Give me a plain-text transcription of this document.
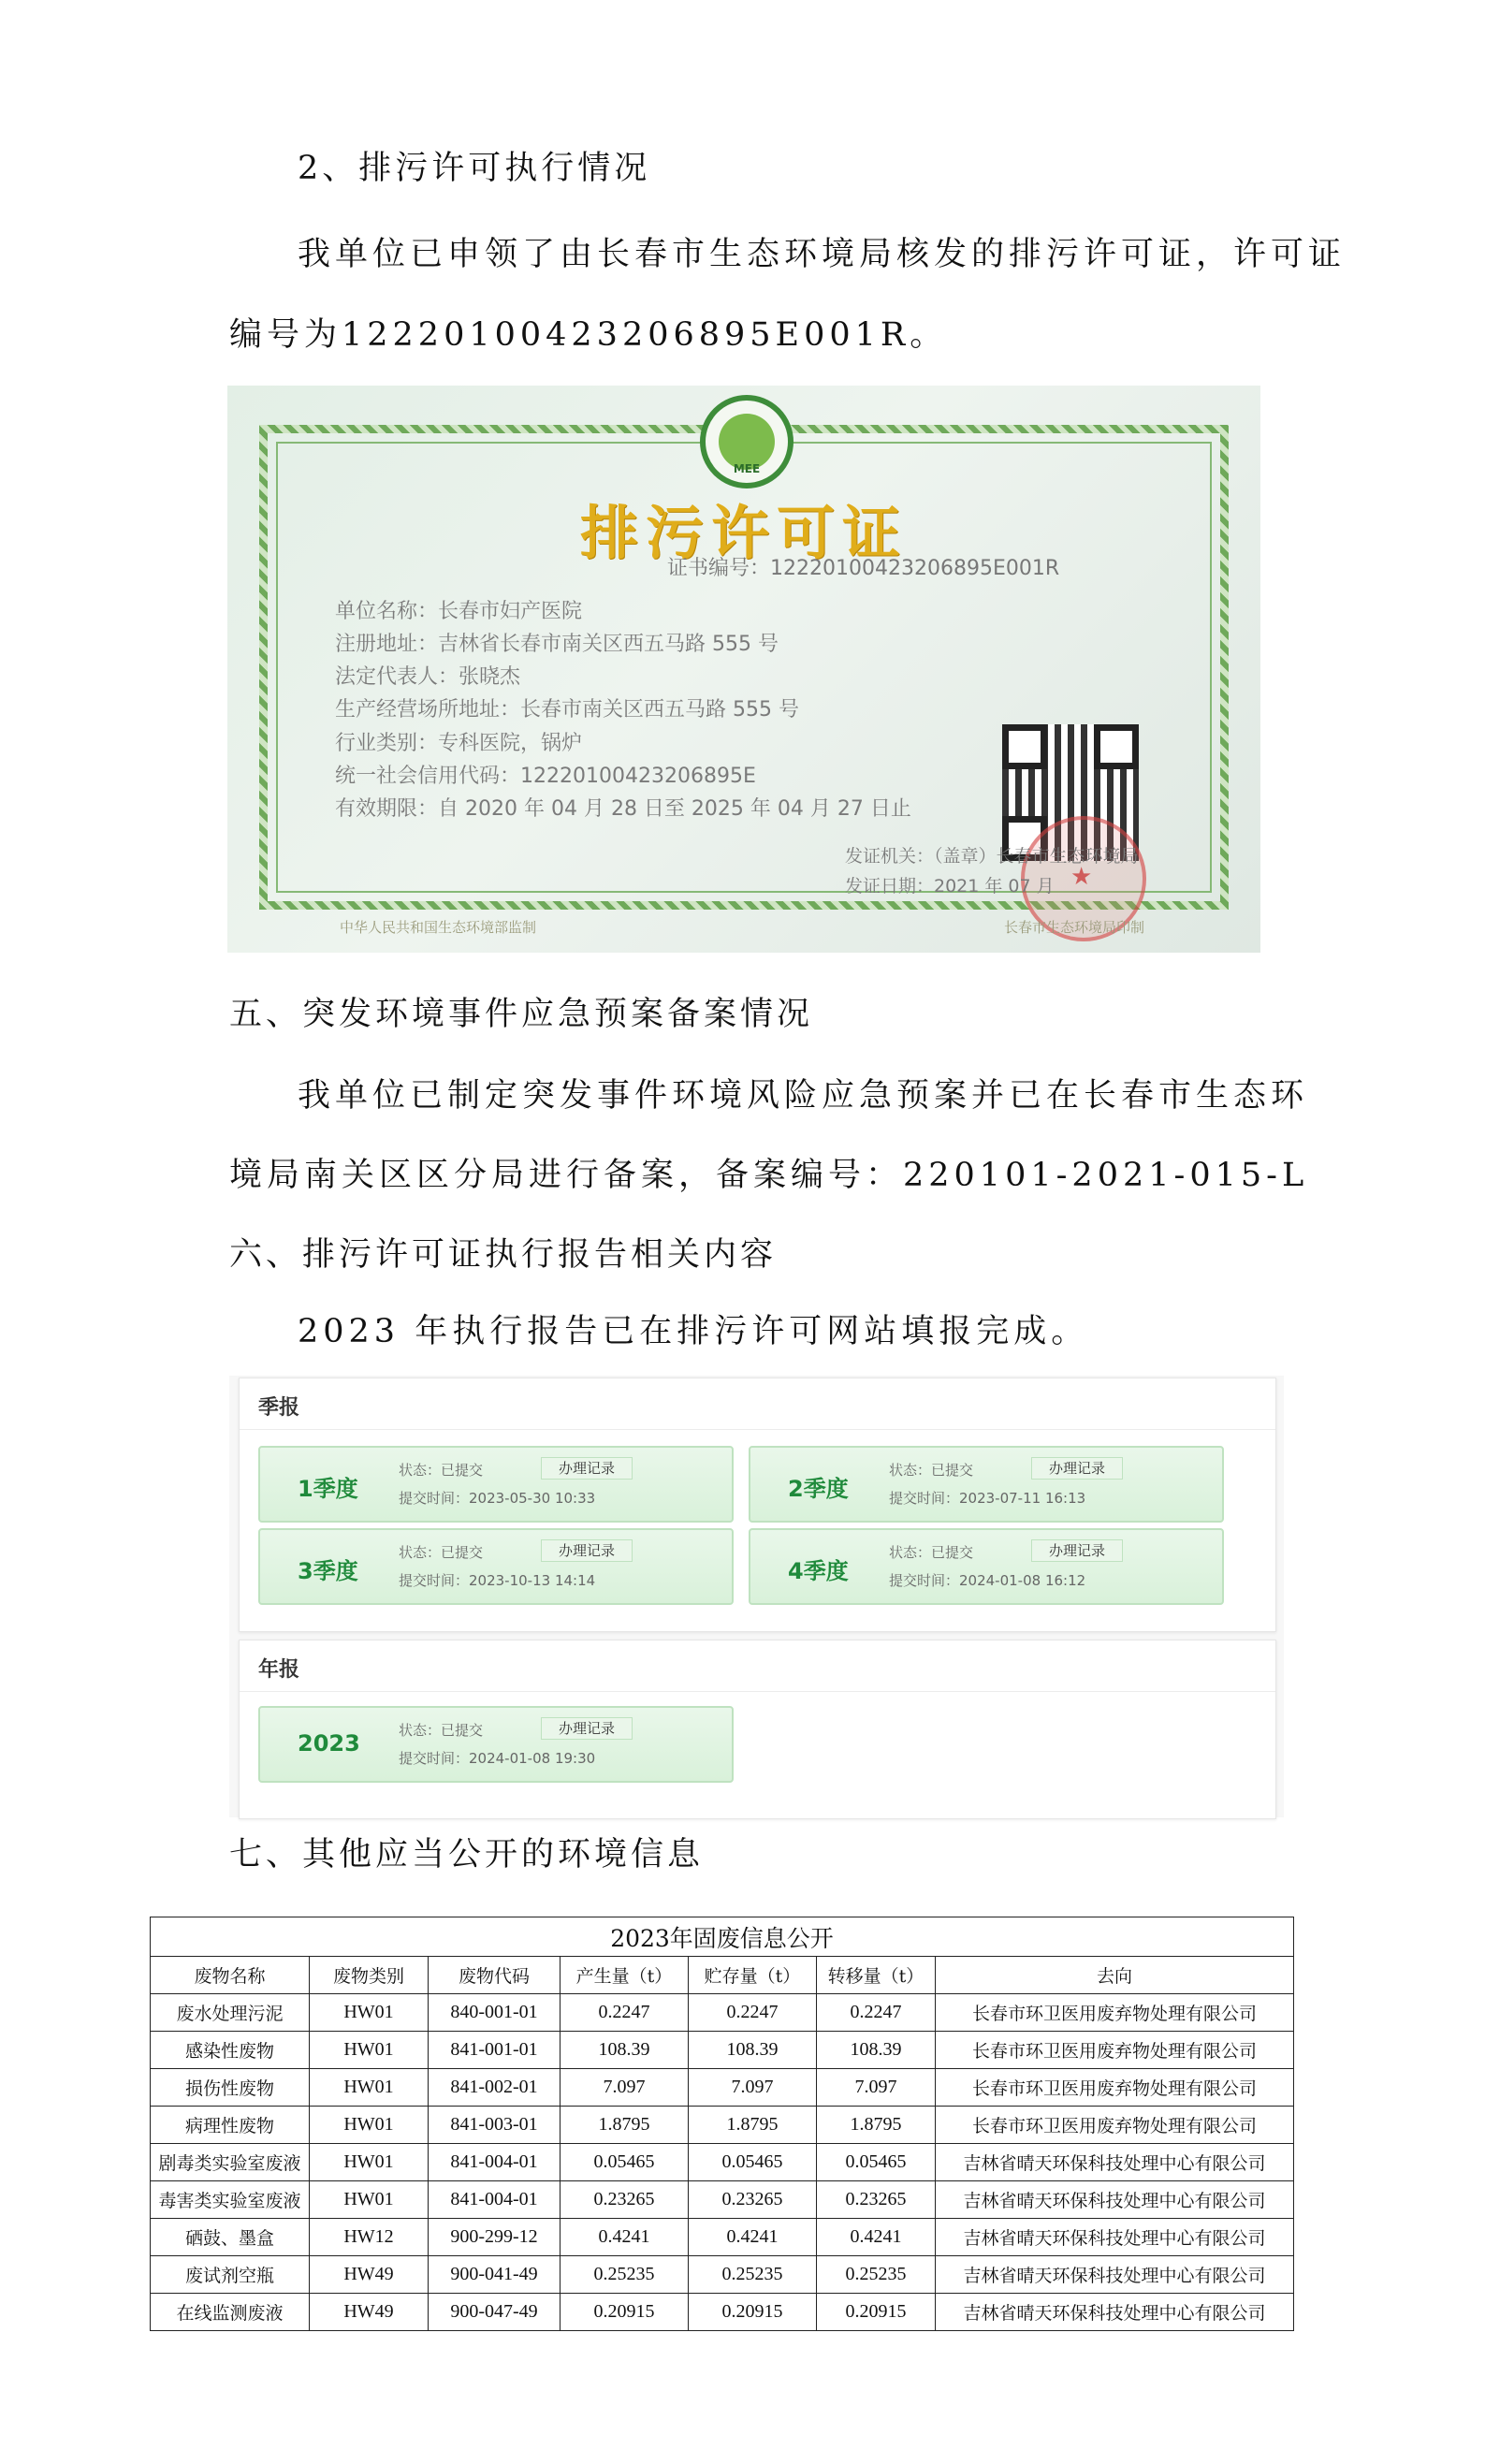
2、排污许可执行情况
我单位已申领了由长春市生态环境局核发的排污许可证，许可证
编号为12220100423206895E001R。
MEE
排污许可证
证书编号：12220100423206895E001R
单位名称：长春市妇产医院
注册地址：吉林省长春市南关区西五马路 555 号
法定代表人：张晓杰
生产经营场所地址：长春市南关区西五马路 555 号
行业类别：专科医院，锅炉
统一社会信用代码：12220100423206895E
有效期限：自 2020 年 04 月 28 日至 2025 年 04 月 27 日止
★
发证机关：（盖章）长春市生态环境局
发证日期：2021 年 07 月
中华人民共和国生态环境部监制	长春市生态环境局印制
五、突发环境事件应急预案备案情况
我单位已制定突发事件环境风险应急预案并已在长春市生态环
境局南关区区分局进行备案，备案编号：220101-2021-015-L
六、排污许可证执行报告相关内容
2023 年执行报告已在排污许可网站填报完成。
季报
1季度
状态：已提交	办理记录
提交时间：2023-05-30 10:33	2季度
状态：已提交	办理记录
提交时间：2023-07-11 16:13
3季度
状态：已提交	办理记录
提交时间：2023-10-13 14:14	4季度
状态：已提交	办理记录
提交时间：2024-01-08 16:12
年报
2023	状态：已提交	办理记录
提交时间：2024-01-08 19:30
七、其他应当公开的环境信息
2023年固废信息公开						
废物名称	废物类别	废物代码	产生量（t）	贮存量（t）	转移量（t）	去向
废水处理污泥	HW01	840-001-01	0.2247	0.2247	0.2247	长春市环卫医用废弃物处理有限公司
感染性废物	HW01	841-001-01	108.39	108.39	108.39	长春市环卫医用废弃物处理有限公司
损伤性废物	HW01	841-002-01	7.097	7.097	7.097	长春市环卫医用废弃物处理有限公司
病理性废物	HW01	841-003-01	1.8795	1.8795	1.8795	长春市环卫医用废弃物处理有限公司
剧毒类实验室废液	HW01	841-004-01	0.05465	0.05465	0.05465	吉林省晴天环保科技处理中心有限公司
毒害类实验室废液	HW01	841-004-01	0.23265	0.23265	0.23265	吉林省晴天环保科技处理中心有限公司
硒鼓、墨盒	HW12	900-299-12	0.4241	0.4241	0.4241	吉林省晴天环保科技处理中心有限公司
废试剂空瓶	HW49	900-041-49	0.25235	0.25235	0.25235	吉林省晴天环保科技处理中心有限公司
在线监测废液	HW49	900-047-49	0.20915	0.20915	0.20915	吉林省晴天环保科技处理中心有限公司
